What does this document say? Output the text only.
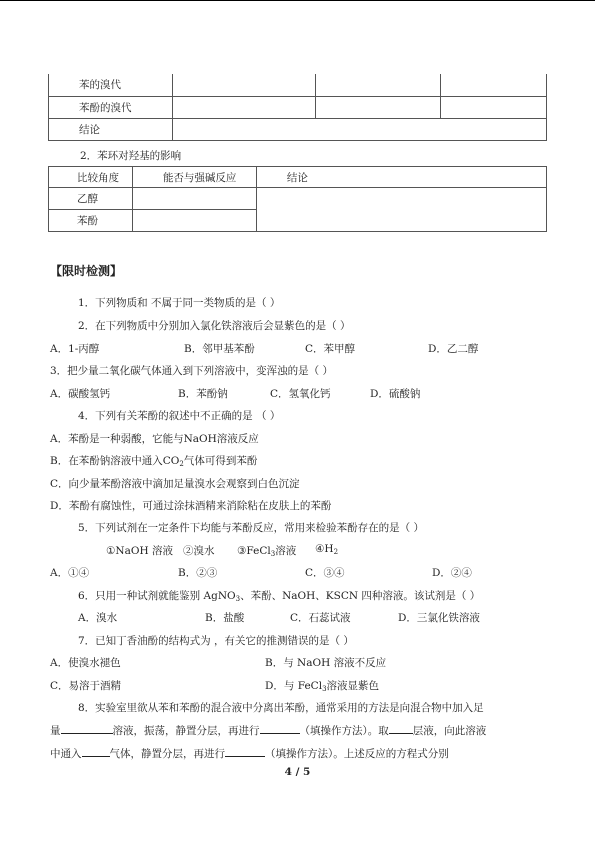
苯的溴代			
苯酚的溴代			
结论			
2．苯环对羟基的影响
比较角度	能否与强碱反应	结论
乙醇		
苯酚		
【限时检测】
1．下列物质和 不属于同一类物质的是（ ）
2．在下列物质中分别加入氯化铁溶液后会显紫色的是（ ）
A．1-丙醇	B．邻甲基苯酚	C．苯甲醇	D．乙二醇
3．把少量二氧化碳气体通入到下列溶液中，变浑浊的是（ ）
A．碳酸氢钙	B．苯酚钠	C．氢氧化钙	D．硫酸钠
4．下列有关苯酚的叙述中不正确的是 （ ）
A．苯酚是一种弱酸，它能与NaOH溶液反应
B．在苯酚钠溶液中通入$CO_2$气体可得到苯酚
C．向少量苯酚溶液中滴加足量溴水会观察到白色沉淀
D．苯酚有腐蚀性，可通过涂抹酒精来消除粘在皮肤上的苯酚
5．下列试剂在一定条件下均能与苯酚反应，常用来检验苯酚存在的是（ ）
①NaOH 溶液 ②溴水 ③FeCl$_3$溶液 $④H_2$
A．①④	B．②③	C．③④	D．②④
6．只用一种试剂就能鉴别 AgNO$_3$、苯酚、NaOH、KSCN 四种溶液。该试剂是（ ）
A．溴水	B．盐酸	C．石蕊试液	D．三氯化铁溶液
7．已知丁香油酚的结构式为 ，有关它的推测错误的是（ ）
A．使溴水褪色	B．与 NaOH 溶液不反应
C．易溶于酒精	D．与 FeCl$_3$溶液显紫色
8．实验室里欲从苯和苯酚的混合液中分离出苯酚，通常采用的方法是向混合物中加入足
量	溶液，振荡，静置分层，再进行	（填操作方法）。取 层液，向此溶液
中通入	气体，静置分层，再进行	（填操作方法）。上述反应的方程式分别
4 / 5
